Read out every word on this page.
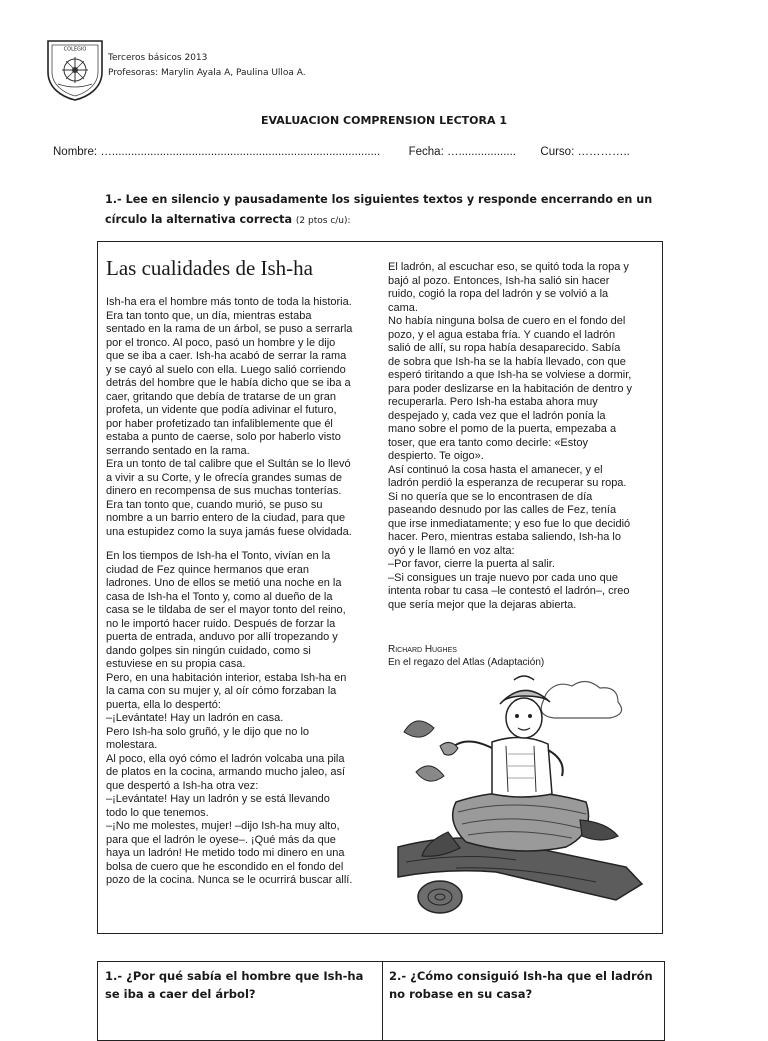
COLEGIO
Terceros básicos 2013
Profesoras: Marylin Ayala A, Paulina Ulloa A.
EVALUACION COMPRENSION LECTORA 1
Nombre: ….................................................................................... Fecha: ….................. Curso: …………..
1.- Lee en silencio y pausadamente los siguientes textos y responde encerrando en un círculo la alternativa correcta (2 ptos c/u):
Las cualidades de Ish-ha
Ish-ha era el hombre más tonto de toda la historia.
Era tan tonto que, un día, mientras estaba
sentado en la rama de un árbol, se puso a serrarla
por el tronco. Al poco, pasó un hombre y le dijo
que se iba a caer. Ish-ha acabó de serrar la rama
y se cayó al suelo con ella. Luego salió corriendo
detrás del hombre que le había dicho que se iba a
caer, gritando que debía de tratarse de un gran
profeta, un vidente que podía adivinar el futuro,
por haber profetizado tan infaliblemente que él
estaba a punto de caerse, solo por haberlo visto
serrando sentado en la rama.
Era un tonto de tal calibre que el Sultán se lo llevó
a vivir a su Corte, y le ofrecía grandes sumas de
dinero en recompensa de sus muchas tonterías.
Era tan tonto que, cuando murió, se puso su
nombre a un barrio entero de la ciudad, para que
una estupidez como la suya jamás fuese olvidada.
En los tiempos de Ish-ha el Tonto, vivían en la
ciudad de Fez quince hermanos que eran
ladrones. Uno de ellos se metió una noche en la
casa de Ish-ha el Tonto y, como al dueño de la
casa se le tildaba de ser el mayor tonto del reino,
no le importó hacer ruido. Después de forzar la
puerta de entrada, anduvo por allí tropezando y
dando golpes sin ningún cuidado, como si
estuviese en su propia casa.
Pero, en una habitación interior, estaba Ish-ha en
la cama con su mujer y, al oír cómo forzaban la
puerta, ella lo despertó:
–¡Levántate! Hay un ladrón en casa.
Pero Ish-ha solo gruñó, y le dijo que no lo
molestara.
Al poco, ella oyó cómo el ladrón volcaba una pila
de platos en la cocina, armando mucho jaleo, así
que despertó a Ish-ha otra vez:
–¡Levántate! Hay un ladrón y se está llevando
todo lo que tenemos.
–¡No me molestes, mujer! –dijo Ish-ha muy alto,
para que el ladrón le oyese–. ¡Qué más da que
haya un ladrón! He metido todo mi dinero en una
bolsa de cuero que he escondido en el fondo del
pozo de la cocina. Nunca se le ocurrirá buscar allí.
El ladrón, al escuchar eso, se quitó toda la ropa y
bajó al pozo. Entonces, Ish-ha salió sin hacer
ruido, cogió la ropa del ladrón y se volvió a la
cama.
No había ninguna bolsa de cuero en el fondo del
pozo, y el agua estaba fría. Y cuando el ladrón
salió de allí, su ropa había desaparecido. Sabía
de sobra que Ish-ha se la había llevado, con que
esperó tiritando a que Ish-ha se volviese a dormir,
para poder deslizarse en la habitación de dentro y
recuperarla. Pero Ish-ha estaba ahora muy
despejado y, cada vez que el ladrón ponía la
mano sobre el pomo de la puerta, empezaba a
toser, que era tanto como decirle: «Estoy
despierto. Te oigo».
Así continuó la cosa hasta el amanecer, y el
ladrón perdió la esperanza de recuperar su ropa.
Si no quería que se lo encontrasen de día
paseando desnudo por las calles de Fez, tenía
que irse inmediatamente; y eso fue lo que decidió
hacer. Pero, mientras estaba saliendo, Ish-ha lo
oyó y le llamó en voz alta:
–Por favor, cierre la puerta al salir.
–Si consigues un traje nuevo por cada uno que
intenta robar tu casa –le contestó el ladrón–, creo
que sería mejor que la dejaras abierta.
Richard Hughes
En el regazo del Atlas (Adaptación)
1.- ¿Por qué sabía el hombre que Ish-ha se iba a caer del árbol?
2.- ¿Cómo consiguió Ish-ha que el ladrón no robase en su casa?
